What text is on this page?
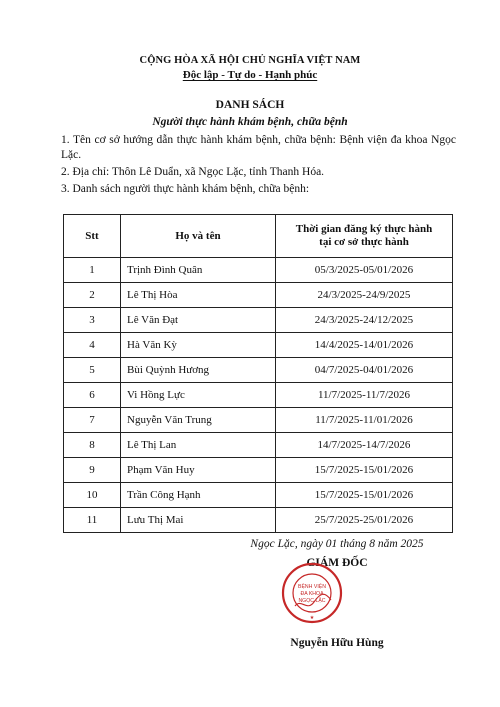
CỘNG HÒA XÃ HỘI CHỦ NGHĨA VIỆT NAM
Độc lập - Tự do - Hạnh phúc
DANH SÁCH
Người thực hành khám bệnh, chữa bệnh

1. Tên cơ sở hướng dẫn thực hành khám bệnh, chữa bệnh: Bệnh viện đa khoa Ngọc Lặc.

2. Địa chỉ: Thôn Lê Duẩn, xã Ngọc Lặc, tỉnh Thanh Hóa.

3. Danh sách người thực hành khám bệnh, chữa bệnh:

Stt	Họ và tên	Thời gian đăng ký thực hành
tại cơ sở thực hành
1	Trịnh Đình Quân	05/3/2025-05/01/2026
2	Lê Thị Hòa	24/3/2025-24/9/2025
3	Lê Văn Đạt	24/3/2025-24/12/2025
4	Hà Văn Kỳ	14/4/2025-14/01/2026
5	Bùi Quỳnh Hương	04/7/2025-04/01/2026
6	Vi Hồng Lực	11/7/2025-11/7/2026
7	Nguyễn Văn Trung	11/7/2025-11/01/2026
8	Lê Thị Lan	14/7/2025-14/7/2026
9	Phạm Văn Huy	15/7/2025-15/01/2026
10	Trần Công Hạnh	15/7/2025-15/01/2026
11	Lưu Thị Mai	25/7/2025-25/01/2026
Ngọc Lặc, ngày 01 tháng 8 năm 2025
GIÁM ĐỐC
★
BỆNH VIỆN
ĐA KHOA
NGỌC LẶC
Nguyễn Hữu Hùng
